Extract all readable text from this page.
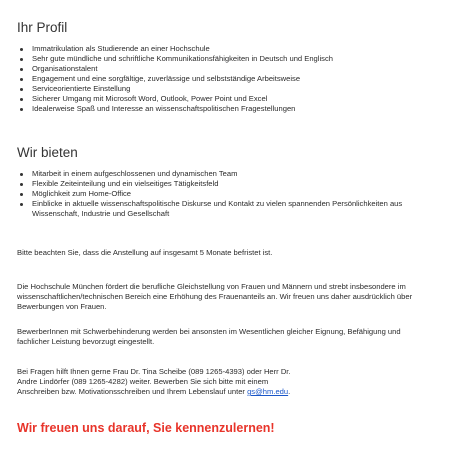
Ihr Profil
Immatrikulation als Studierende an einer Hochschule
Sehr gute mündliche und schriftliche Kommunikationsfähigkeiten in Deutsch und Englisch
Organisationstalent
Engagement und eine sorgfältige, zuverlässige und selbstständige Arbeitsweise
Serviceorientierte Einstellung
Sicherer Umgang mit Microsoft Word, Outlook, Power Point und Excel
Idealerweise Spaß und Interesse an wissenschaftspolitischen Fragestellungen
Wir bieten
Mitarbeit in einem aufgeschlossenen und dynamischen Team
Flexible Zeiteinteilung und ein vielseitiges Tätigkeitsfeld
Möglichkeit zum Home-Office
Einblicke in aktuelle wissenschaftspolitische Diskurse und Kontakt zu vielen spannenden Persönlichkeiten aus Wissenschaft, Industrie und Gesellschaft

Bitte beachten Sie, dass die Anstellung auf insgesamt 5 Monate befristet ist.

Die Hochschule München fördert die berufliche Gleichstellung von Frauen und Männern und strebt insbesondere im wissenschaftlichen/technischen Bereich eine Erhöhung des Frauenanteils an. Wir freuen uns daher ausdrücklich über Bewerbungen von Frauen.

BewerberInnen mit Schwerbehinderung werden bei ansonsten im Wesentlichen gleicher Eignung, Befähigung und fachlicher Leistung bevorzugt eingestellt.

Bei Fragen hilft Ihnen gerne Frau Dr. Tina Scheibe (089 1265-4393) oder Herr Dr.
Andre Lindörfer (089 1265-4282) weiter. Bewerben Sie sich bitte mit einem
Anschreiben bzw. Motivationsschreiben und Ihrem Lebenslauf unter gs@hm.edu.

Wir freuen uns darauf, Sie kennenzulernen!
